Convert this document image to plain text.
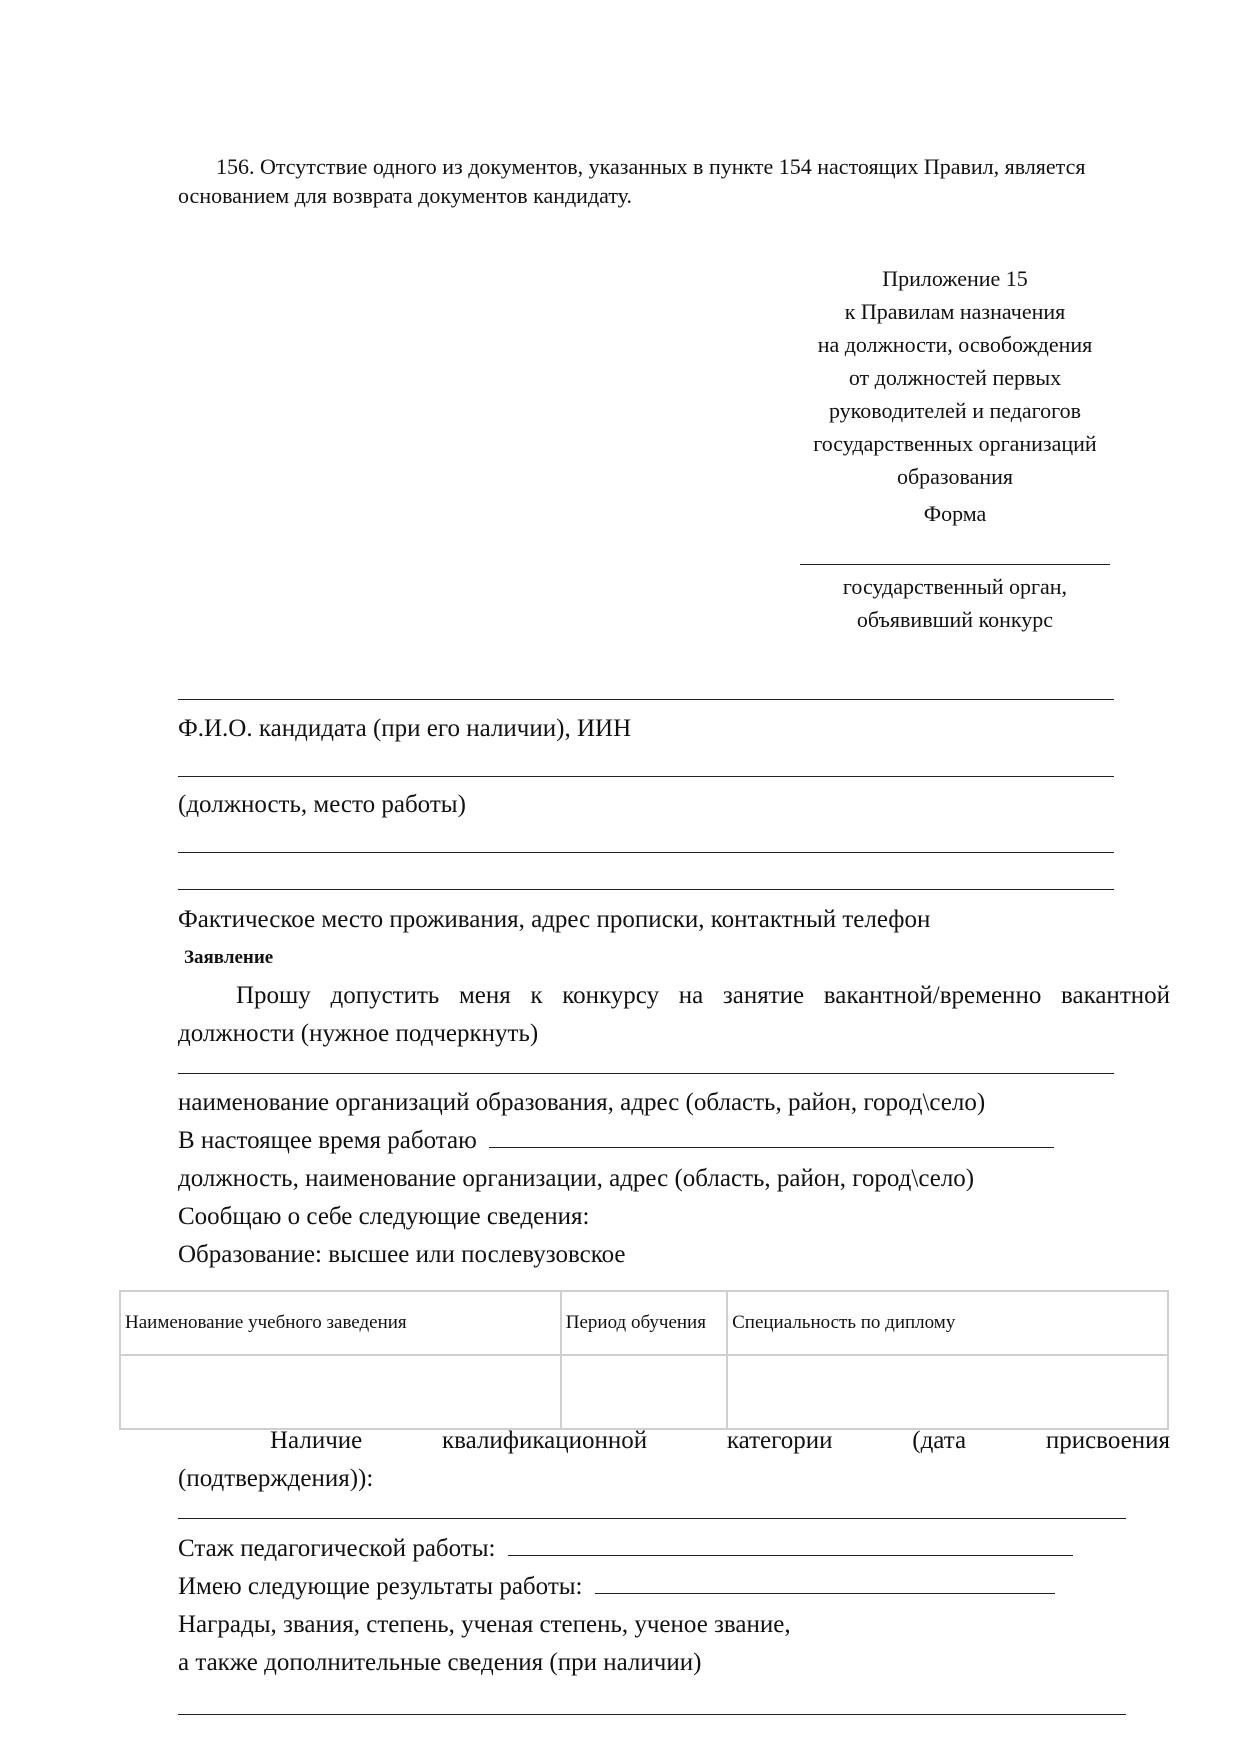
156. Отсутствие одного из документов, указанных в пункте 154 настоящих Правил, является основанием для возврата документов кандидату.
Приложение 15
к Правилам назначения
на должности, освобождения
от должностей первых
руководителей и педагогов
государственных организаций
образования
Форма
государственный орган,
объявивший конкурс
Ф.И.О. кандидата (при его наличии), ИИН
(должность, место работы)
Фактическое место проживания, адрес прописки, контактный телефон
Заявление
Прошу допустить меня к конкурсу на занятие вакантной/временно вакантной должности (нужное подчеркнуть)
наименование организаций образования, адрес (область, район, город\село)
В настоящее время работаю
должность, наименование организации, адрес (область, район, город\село)
Сообщаю о себе следующие сведения:
Образование: высшее или послевузовское
Наименование учебного заведения	Период обучения	Специальность по диплому

Наличие	квалификационной	категории	(дата	присвоения
(подтверждения)):
Стаж педагогической работы:
Имею следующие результаты работы:
Награды, звания, степень, ученая степень, ученое звание,
а также дополнительные сведения (при наличии)
